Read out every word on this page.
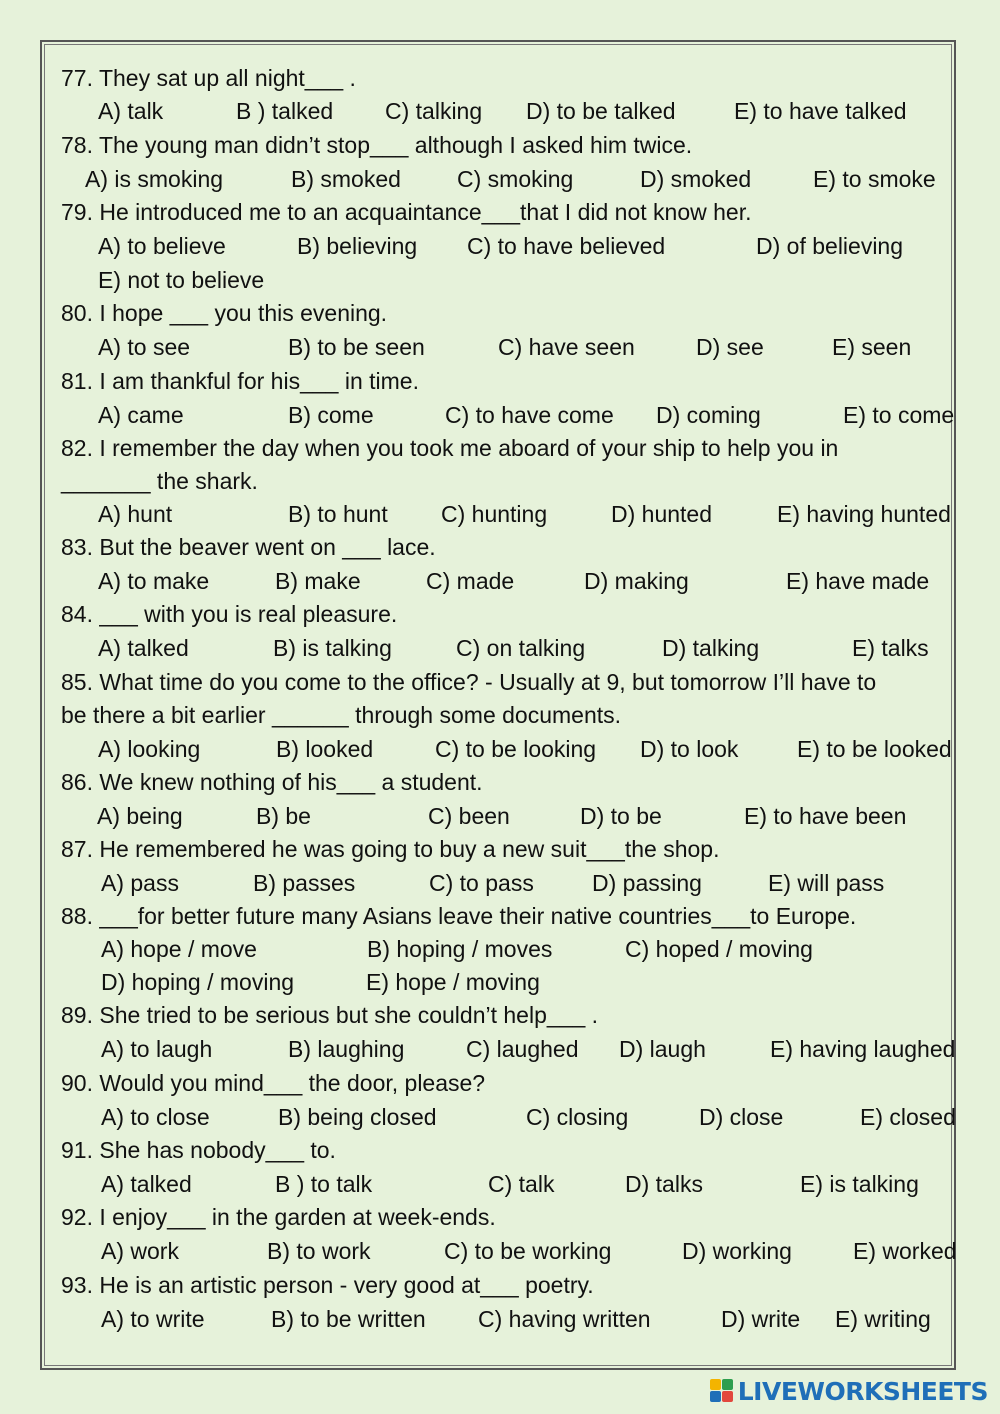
77. They sat up all night___ .
A) talk	B ) talked C) talking D) to be talked	E) to have talked
78. The young man didn’t stop___ although I asked him twice.
A) is smoking	B) smoked C) smoking	D) smoked	E) to smoke
79. He introduced me to an acquaintance___that I did not know her.
A) to believe	B) believing C) to have believed	D) of believing
E) not to believe
80. I hope ___ you this evening.
A) to see	B) to be seen	C) have seen	D) see	E) seen
81. I am thankful for his___ in time.
A) came	B) come	C) to have come D) coming	E) to come
82. I remember the day when you took me aboard of your ship to help you in
_______ the shark.
A) hunt	B) to hunt C) hunting	D) hunted	E) having hunted
83. But the beaver went on ___ lace.
A) to make	B) make	C) made	D) making	E) have made
84. ___ with you is real pleasure.
A) talked	B) is talking	C) on talking	D) talking	E) talks
85. What time do you come to the office? - Usually at 9, but tomorrow I’ll have to
be there a bit earlier ______ through some documents.
A) looking	B) looked	C) to be looking D) to look	E) to be looked
86. We knew nothing of his___ a student.
A) being	B) be	C) been	D) to be	E) to have been
87. He remembered he was going to buy a new suit___the shop.
A) pass	B) passes	C) to pass	D) passing	E) will pass
88. ___for better future many Asians leave their native countries___to Europe.
A) hope / move	B) hoping / moves	C) hoped / moving
D) hoping / moving	E) hope / moving
89. She tried to be serious but she couldn’t help___ .
A) to laugh	B) laughing	C) laughed D) laugh	E) having laughed
90. Would you mind___ the door, please?
A) to close	B) being closed	C) closing	D) close	E) closed
91. She has nobody___ to.
A) talked	B ) to talk	C) talk	D) talks	E) is talking
92. I enjoy___ in the garden at week-ends.
A) work	B) to work	C) to be working	D) working	E) worked
93. He is an artistic person - very good at___ poetry.
A) to write	B) to be written C) having written	D) write E) writing
LIVEWORKSHEETS
